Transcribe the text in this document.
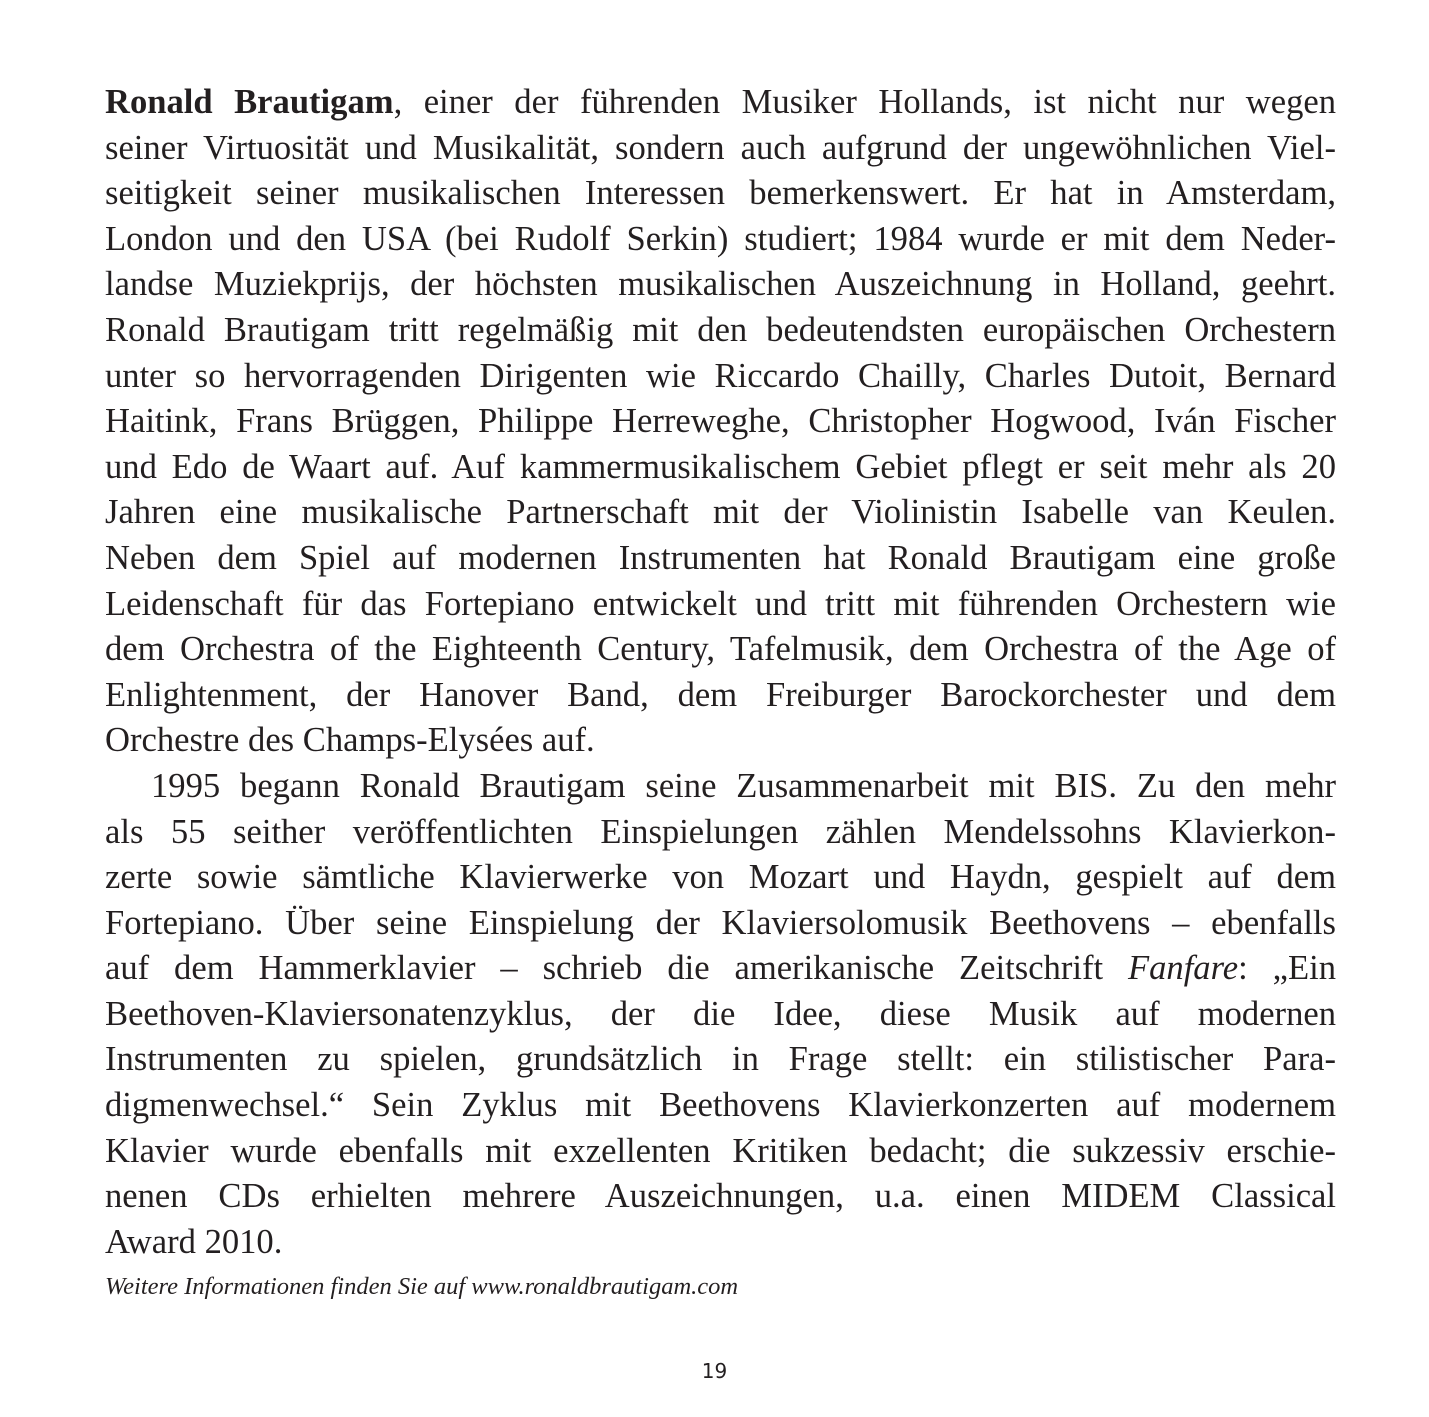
Ronald Brautigam, einer der führenden Musiker Hollands, ist nicht nur wegen
seiner Virtuosität und Musikalität, sondern auch aufgrund der ungewöhnlichen Viel-
seitigkeit seiner musikalischen Interessen bemerkenswert. Er hat in Amsterdam,
London und den USA (bei Rudolf Serkin) studiert; 1984 wurde er mit dem Neder-
landse Muziekprijs, der höchsten musikalischen Auszeichnung in Holland, geehrt.
Ronald Brautigam tritt regelmäßig mit den bedeutendsten europäischen Orchestern
unter so hervorragenden Dirigenten wie Riccardo Chailly, Charles Dutoit, Bernard
Haitink, Frans Brüggen, Philippe Herreweghe, Christopher Hogwood, Iván Fischer
und Edo de Waart auf. Auf kammermusikalischem Gebiet pflegt er seit mehr als 20
Jahren eine musikalische Partnerschaft mit der Violinistin Isabelle van Keulen.
Neben dem Spiel auf modernen Instrumenten hat Ronald Brautigam eine große
Leidenschaft für das Fortepiano entwickelt und tritt mit führenden Orchestern wie
dem Orchestra of the Eighteenth Century, Tafelmusik, dem Orchestra of the Age of
Enlightenment, der Hanover Band, dem Freiburger Barockorchester und dem
Orchestre des Champs-Elysées auf.

1995 begann Ronald Brautigam seine Zusammenarbeit mit BIS. Zu den mehr
als 55 seither veröffentlichten Einspielungen zählen Mendelssohns Klavierkon-
zerte sowie sämtliche Klavierwerke von Mozart und Haydn, gespielt auf dem
Fortepiano. Über seine Einspielung der Klaviersolomusik Beethovens – ebenfalls
auf dem Hammerklavier – schrieb die amerikanische Zeitschrift Fanfare: „Ein
Beethoven-Klaviersonatenzyklus, der die Idee, diese Musik auf modernen
Instrumenten zu spielen, grundsätzlich in Frage stellt: ein stilistischer Para-
digmenwechsel.“ Sein Zyklus mit Beethovens Klavierkonzerten auf modernem
Klavier wurde ebenfalls mit exzellenten Kritiken bedacht; die sukzessiv erschie-
nenen CDs erhielten mehrere Auszeichnungen, u.a. einen MIDEM Classical
Award 2010.

Weitere Informationen finden Sie auf www.ronaldbrautigam.com

19
